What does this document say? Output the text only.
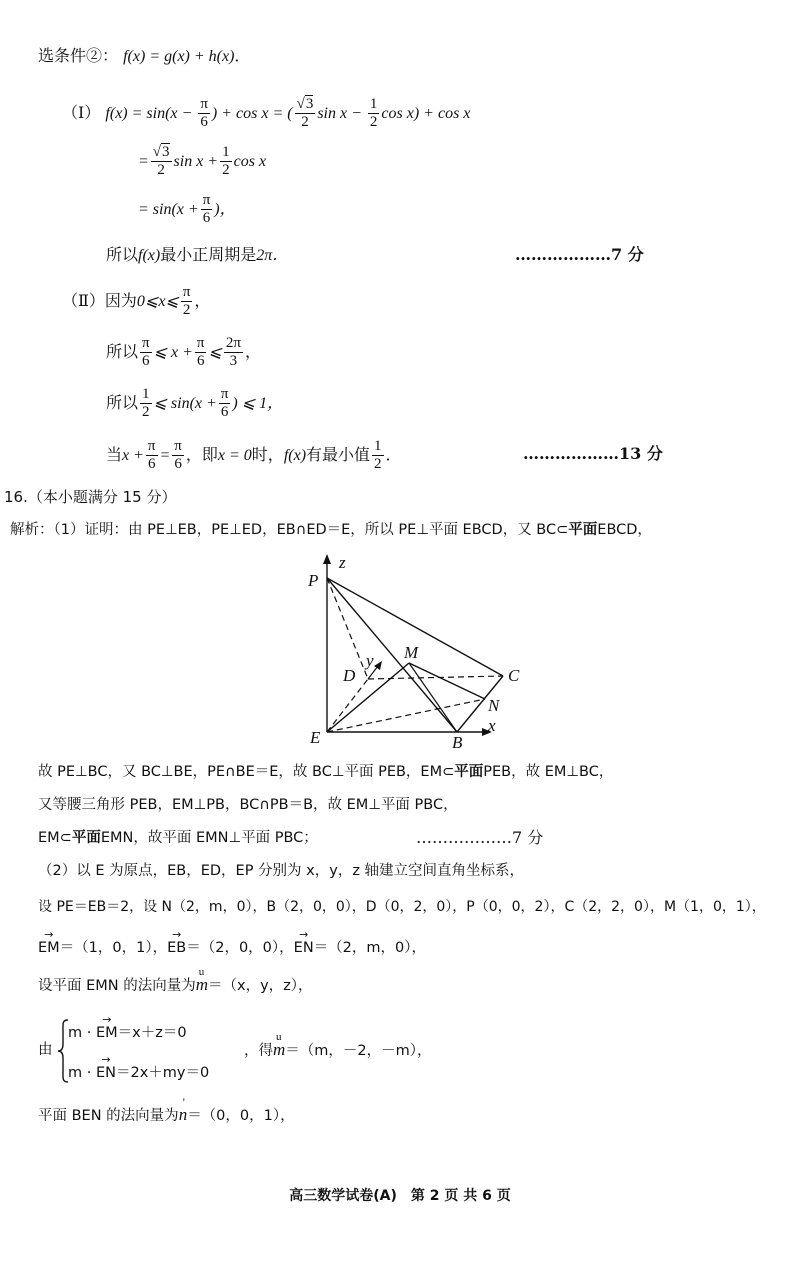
选条件②： f(x) = g(x) + h(x)．
（Ⅰ） $f(x) = \sin(x - \frac{\pi}{6}$ ) + cos x = ( $\frac{√3}{2}$ $\sin x - \frac{1}{2}$ cos x) + cos x
= $\frac{√3}{2}$ $\sin x + \frac{1}{2}$ cos x
= $\sin(x + \frac{\pi}{6}$ )，
所以f(x)最小正周期是2π．	………………7 分
（Ⅱ）因为0⩽x⩽ $\frac{\pi}{2}$ ，
所以 $\frac{\pi}{6}$ ⩽ $x + \frac{\pi}{6}$ ⩽ $\frac{2\pi}{3}$ ，
所以 $\frac{1}{2}$ ⩽ $\sin(x + \frac{\pi}{6}$ ) ⩽ 1，
当$x + \frac{\pi}{6} = \frac{\pi}{6}$ ，即x = 0时，f(x)有最小值 $\frac{1}{2}$ ．	………………13 分
16.（本小题满分 15 分）
解析：（1）证明：由 PE⊥EB，PE⊥ED，EB∩ED＝E，所以 PE⊥平面 EBCD，又 BC⊂平面EBCD，
P
z
y M
D	C
N
x
E	B
故 PE⊥BC，又 BC⊥BE，PE∩BE＝E，故 BC⊥平面 PEB，EM⊂平面PEB，故 EM⊥BC，
又等腰三角形 PEB，EM⊥PB，BC∩PB＝B，故 EM⊥平面 PBC，
EM⊂平面EMN，故平面 EMN⊥平面 PBC；	………………7 分
（2）以 E 为原点，EB，ED，EP 分别为 x，y，z 轴建立空间直角坐标系，
设 PE＝EB＝2，设 N（2，m，0），B（2，0，0），D（0，2，0），P（0，0，2），C（2，2，0），M（1，0，1），
→ EM＝（1，0，1），→ EB＝（2，0，0），→ EN＝（2，m，0），
设平面 EMN 的法向量为u m＝（x，y，z），
由
m · → EM＝x＋z＝0
m · → EN＝2x＋my＝0
，得u m＝（m，－2，－m），
平面 BEN 的法向量为' n＝（0，0，1），
高三数学试卷(A)　第 2 页 共 6 页
